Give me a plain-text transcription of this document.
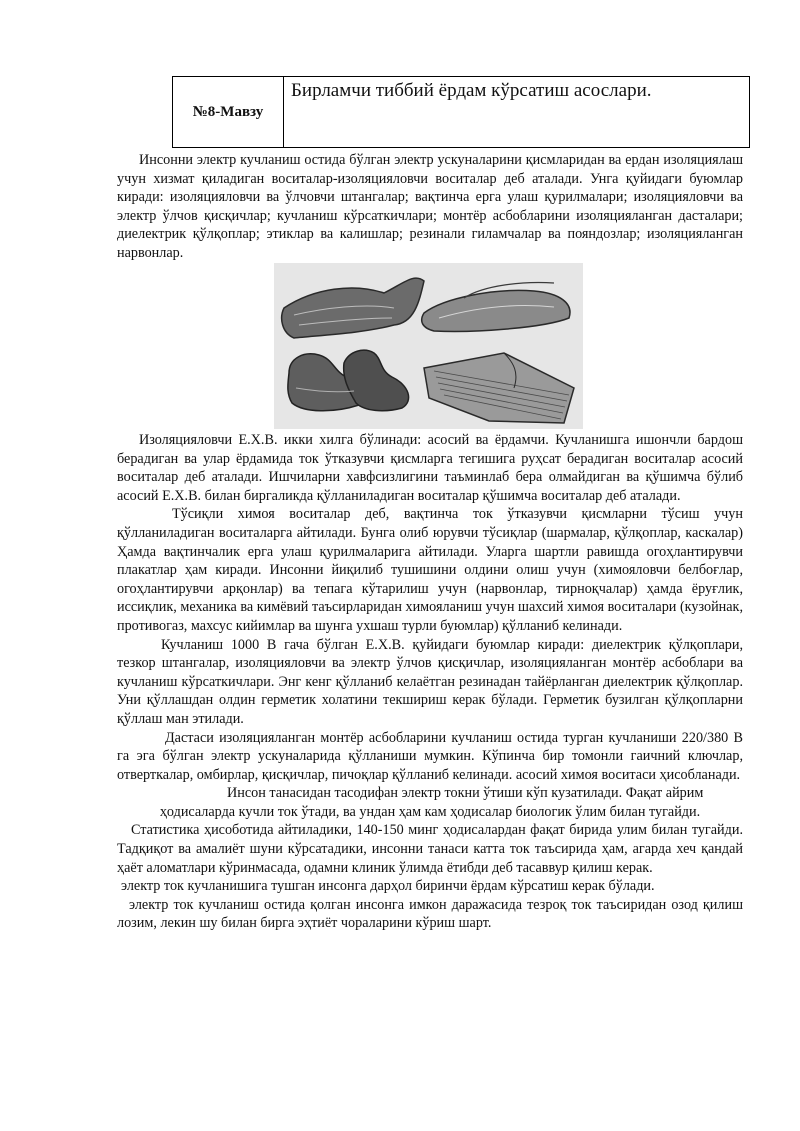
№8-Мавзу	Бирламчи тиббий ёрдам кўрсатиш асослари.

Инсонни электр кучланиш остида бўлган электр ускуналарини қисмларидан ва ердан изоляциялаш учун хизмат қиладиган воситалар-изоляцияловчи воситалар деб аталади. Унга қуйидаги буюмлар киради: изоляцияловчи ва ўлчовчи штангалар; вақтинча ерга улаш қурилмалари; изоляцияловчи ва электр ўлчов қисқичлар; кучланиш кўрсаткичлари; монтёр асбобларини изоляцияланган дасталари; диелектрик қўлқоплар; этиклар ва калишлар; резинали гиламчалар ва пояндозлар; изоляцияланган нарвонлар.

Изоляцияловчи Е.Х.В. икки хилга бўлинади: асосий ва ёрдамчи. Кучланишга ишончли бардош берадиган ва улар ёрдамида ток ўтказувчи қисмларга тегишига руҳсат берадиган воситалар асосий воситалар деб аталади. Ишчиларни хавфсизлигини таъминлаб бера олмайдиган ва қўшимча бўлиб асосий Е.Х.В. билан биргаликда қўлланиладиган воситалар қўшимча воситалар деб аталади.

Тўсиқли химоя воситалар деб, вақтинча ток ўтказувчи қисмларни тўсиш учун қўлланиладиган воситаларга айтилади. Бунга олиб юрувчи тўсиқлар (шармалар, қўлқоплар, каскалар) Ҳамда вақтинчалик ерга улаш қурилмаларига айтилади. Уларга шартли равишда огоҳлантирувчи плакатлар ҳам киради. Инсонни йиқилиб тушишини олдини олиш учун (химояловчи белбоғлар, огоҳлантирувчи арқонлар) ва тепага кўтарилиш учун (нарвонлар, тирноқчалар) ҳамда ёруғлик, иссиқлик, механика ва кимёвий таъсирларидан химояланиш учун шахсий химоя воситалари (кузойнак, противогаз, махсус кийимлар ва шунга ухшаш турли буюмлар) қўлланиб келинади.

Кучланиш 1000 В гача бўлган Е.Х.В. қуйидаги буюмлар киради: диелектрик қўлқоплари, тезкор штангалар, изоляцияловчи ва электр ўлчов қисқичлар, изоляцияланган монтёр асбоблари ва кучланиш кўрсаткичлари. Энг кенг қўлланиб келаётган резинадан тайёрланган диелектрик қўлқоплар. Уни қўллашдан олдин герметик холатини текшириш керак бўлади. Герметик бузилган қўлқопларни қўллаш ман этилади.

Дастаси изоляцияланган монтёр асбобларини кучланиш остида турган кучланиши 220/380 В га эга бўлган электр ускуналарида қўлланиши мумкин. Кўпинча бир томонли гаичний ключлар, отверткалар, омбирлар, қисқичлар, пичоқлар қўлланиб келинади. асосий химоя воситаси ҳисобланади.

Инсон танасидан тасодифан электр токни ўтиши кўп кузатилади. Фақат айрим

ҳодисаларда кучли ток ўтади, ва ундан ҳам кам ҳодисалар биологик ўлим билан тугайди.

Статистика ҳисоботида айтиладики, 140-150 минг ҳодисалардан фақат бирида улим билан тугайди. Тадқиқот ва амалиёт шуни кўрсатадики, инсонни танаси катта ток таъсирида ҳам, агарда хеч қандай ҳаёт аломатлари кўринмасада, одамни клиник ўлимда ётибди деб тасаввур қилиш керак.

электр ток кучланишига тушган инсонга дарҳол биринчи ёрдам кўрсатиш керак бўлади.

электр ток кучланиш остида қолган инсонга имкон даражасида тезроқ ток таъсиридан озод қилиш лозим, лекин шу билан бирга эҳтиёт чораларини кўриш шарт.
